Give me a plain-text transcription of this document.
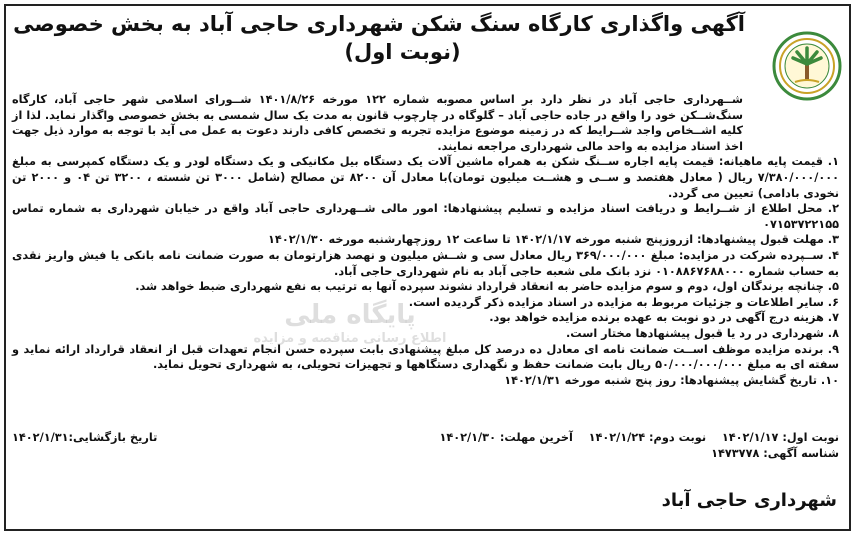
آگهی واگذاری کارگاه سنگ شکن شهرداری حاجی آباد به بخش خصوصی
(نوبت اول)
پایگاه ملی
اطلاع رسانی مناقصه و مزایده

شــهرداری حاجی آباد در نظر دارد بر اساس مصوبه شماره ۱۲۲ مورخه ۱۴۰۱/۸/۲۶ شــورای اسلامی شهر حاجی آباد، کارگاه سنگ‌شــکن خود را واقع در جاده حاجی آباد – گلوگاه در چارچوب قانون به مدت یک سال شمسی به بخش خصوصی واگذار نماید. لذا از کلیه اشــخاص واجد شــرایط که در زمینه موضوع مزایده تجربه و تخصص کافی دارند دعوت به عمل می آید با توجه به موارد ذیل جهت اخذ اسناد مزایده به واحد مالی شهرداری مراجعه نمایند.

۱. قیمت پایه ماهیانه: قیمت پایه اجاره ســنگ شکن به همراه ماشین آلات یک دستگاه بیل مکانیکی و یک دستگاه لودر و یک دستگاه کمپرسی به مبلغ ۷/۳۸۰/۰۰۰/۰۰۰ ریال ( معادل هفتصد و ســی و هشــت میلیون تومان)با معادل آن ۸۲۰۰ تن مصالح (شامل ۳۰۰۰ تن شسته ، ۳۲۰۰ تن ۰۴ و ۲۰۰۰ تن نخودی بادامی) تعیین می گردد.

۲. محل اطلاع از شــرایط و دریافت اسناد مزایده و تسلیم پیشنهادها: امور مالی شــهرداری حاجی آباد واقع در خیابان شهرداری به شماره تماس ۰۷۱۵۳۷۲۲۱۵۵

۳. مهلت قبول پیشنهادها: ازروزپنج شنبه مورخه ۱۴۰۲/۱/۱۷ تا ساعت ۱۲ روزچهارشنبه مورخه ۱۴۰۲/۱/۳۰

۴. ســپرده شرکت در مزایده: مبلغ ۳۶۹/۰۰۰/۰۰۰ ریال معادل سی و شــش میلیون و نهصد هزارتومان به صورت ضمانت نامه بانکی یا فیش واریز نقدی به حساب شماره ۰۱۰۸۸۶۷۶۸۸۰۰۰ نزد بانک ملی شعبه حاجی آباد به نام شهرداری حاجی آباد.

۵. چنانچه برندگان اول، دوم و سوم مزایده حاضر به انعقاد قرارداد نشوند سپرده آنها به ترتیب به نفع شهرداری ضبط خواهد شد.

۶. سایر اطلاعات و جزئیات مربوط به مزایده در اسناد مزایده ذکر گردیده است.

۷. هزینه درج آگهی در دو نوبت به عهده برنده مزایده خواهد بود.

۸. شهرداری در رد یا قبول پیشنهادها مختار است.

۹. برنده مزایده موظف اســت ضمانت نامه ای معادل ده درصد کل مبلغ پیشنهادی بابت سپرده حسن انجام تعهدات قبل از انعقاد قرارداد ارائه نماید و سفته ای به مبلغ ۵۰/۰۰۰/۰۰۰/۰۰۰ ریال بابت ضمانت حفظ و نگهداری دستگاهها و تجهیزات تحویلی، به شهرداری تحویل نماید.

۱۰. تاریخ گشایش پیشنهادها: روز پنج شنبه مورخه ۱۴۰۲/۱/۳۱

نوبت اول: ۱۴۰۲/۱/۱۷    نوبت دوم: ۱۴۰۲/۱/۲۴    آخرین مهلت: ۱۴۰۲/۱/۳۰
تاریخ بازگشایی:۱۴۰۲/۱/۳۱
شناسه آگهی: ۱۴۷۳۷۷۸
شهرداری حاجی آباد
